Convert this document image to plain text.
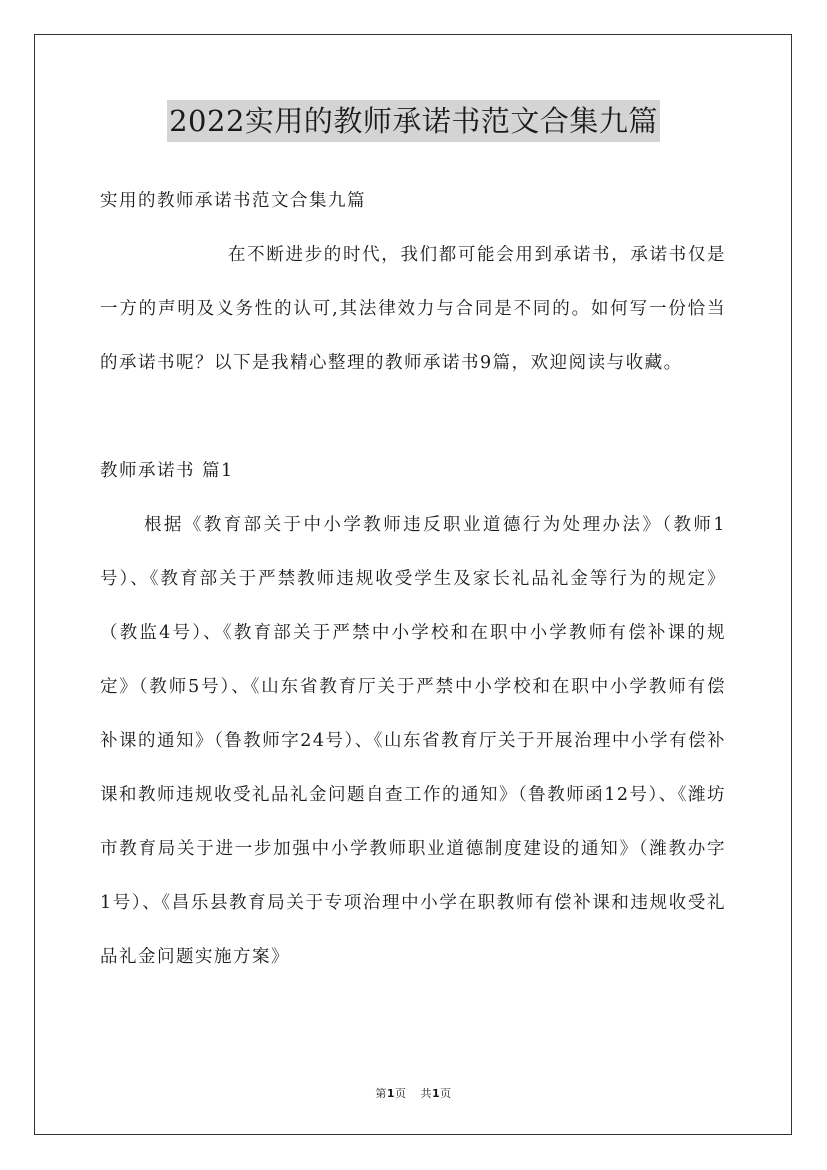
2022实用的教师承诺书范文合集九篇

实用的教师承诺书范文合集九篇

在不断进步的时代，我们都可能会用到承诺书，承诺书仅是一方的声明及义务性的认可,其法律效力与合同是不同的。如何写一份恰当的承诺书呢？以下是我精心整理的教师承诺书9篇，欢迎阅读与收藏。

教师承诺书 篇1

根据《教育部关于中小学教师违反职业道德行为处理办法》（教师1号）、《教育部关于严禁教师违规收受学生及家长礼品礼金等行为的规定》（教监4号）、《教育部关于严禁中小学校和在职中小学教师有偿补课的规定》（教师5号）、《山东省教育厅关于严禁中小学校和在职中小学教师有偿补课的通知》（鲁教师字24号）、《山东省教育厅关于开展治理中小学有偿补课和教师违规收受礼品礼金问题自查工作的通知》（鲁教师函12号）、《潍坊市教育局关于进一步加强中小学教师职业道德制度建设的通知》（潍教办字1号）、《昌乐县教育局关于专项治理中小学在职教师有偿补课和违规收受礼品礼金问题实施方案》

第1页 共1页
